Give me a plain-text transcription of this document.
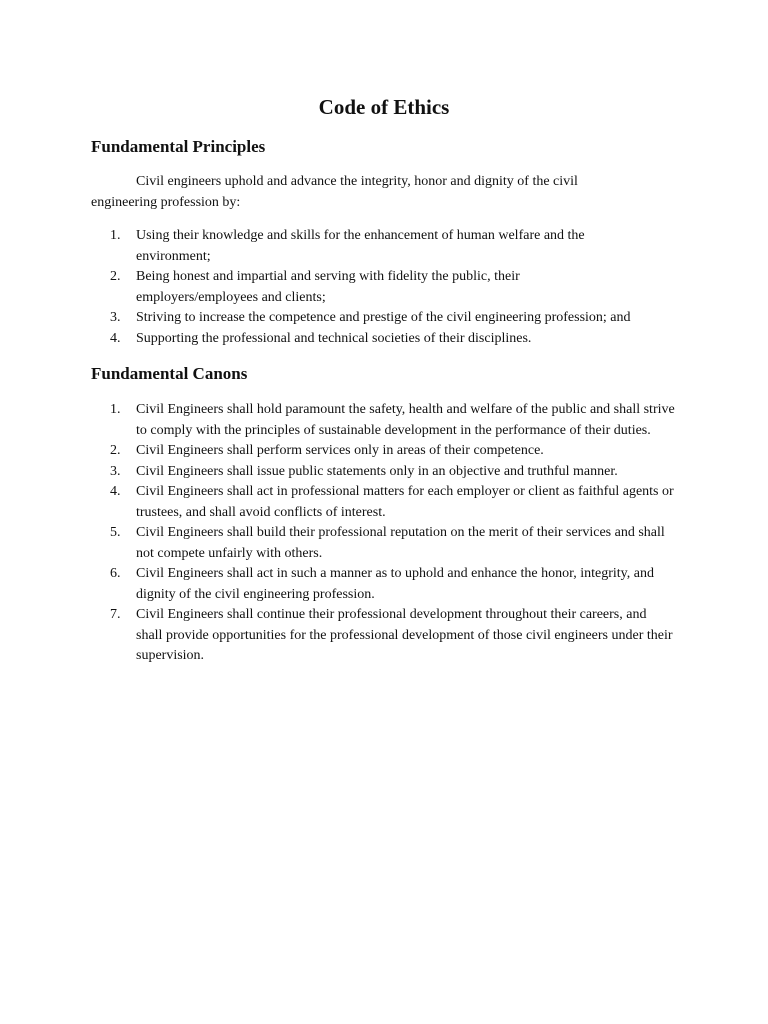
Code of Ethics
Fundamental Principles

Civil engineers uphold and advance the integrity, honor and dignity of the civil engineering profession by:

1. Using their knowledge and skills for the enhancement of human welfare and the environment;
2. Being honest and impartial and serving with fidelity the public, their employers/employees and clients;
3. Striving to increase the competence and prestige of the civil engineering profession; and
4. Supporting the professional and technical societies of their disciplines.
Fundamental Canons
1. Civil Engineers shall hold paramount the safety, health and welfare of the public and shall strive to comply with the principles of sustainable development in the performance of their duties.
2. Civil Engineers shall perform services only in areas of their competence.
3. Civil Engineers shall issue public statements only in an objective and truthful manner.
4. Civil Engineers shall act in professional matters for each employer or client as faithful agents or trustees, and shall avoid conflicts of interest.
5. Civil Engineers shall build their professional reputation on the merit of their services and shall not compete unfairly with others.
6. Civil Engineers shall act in such a manner as to uphold and enhance the honor, integrity, and dignity of the civil engineering profession.
7. Civil Engineers shall continue their professional development throughout their careers, and shall provide opportunities for the professional development of those civil engineers under their supervision.
